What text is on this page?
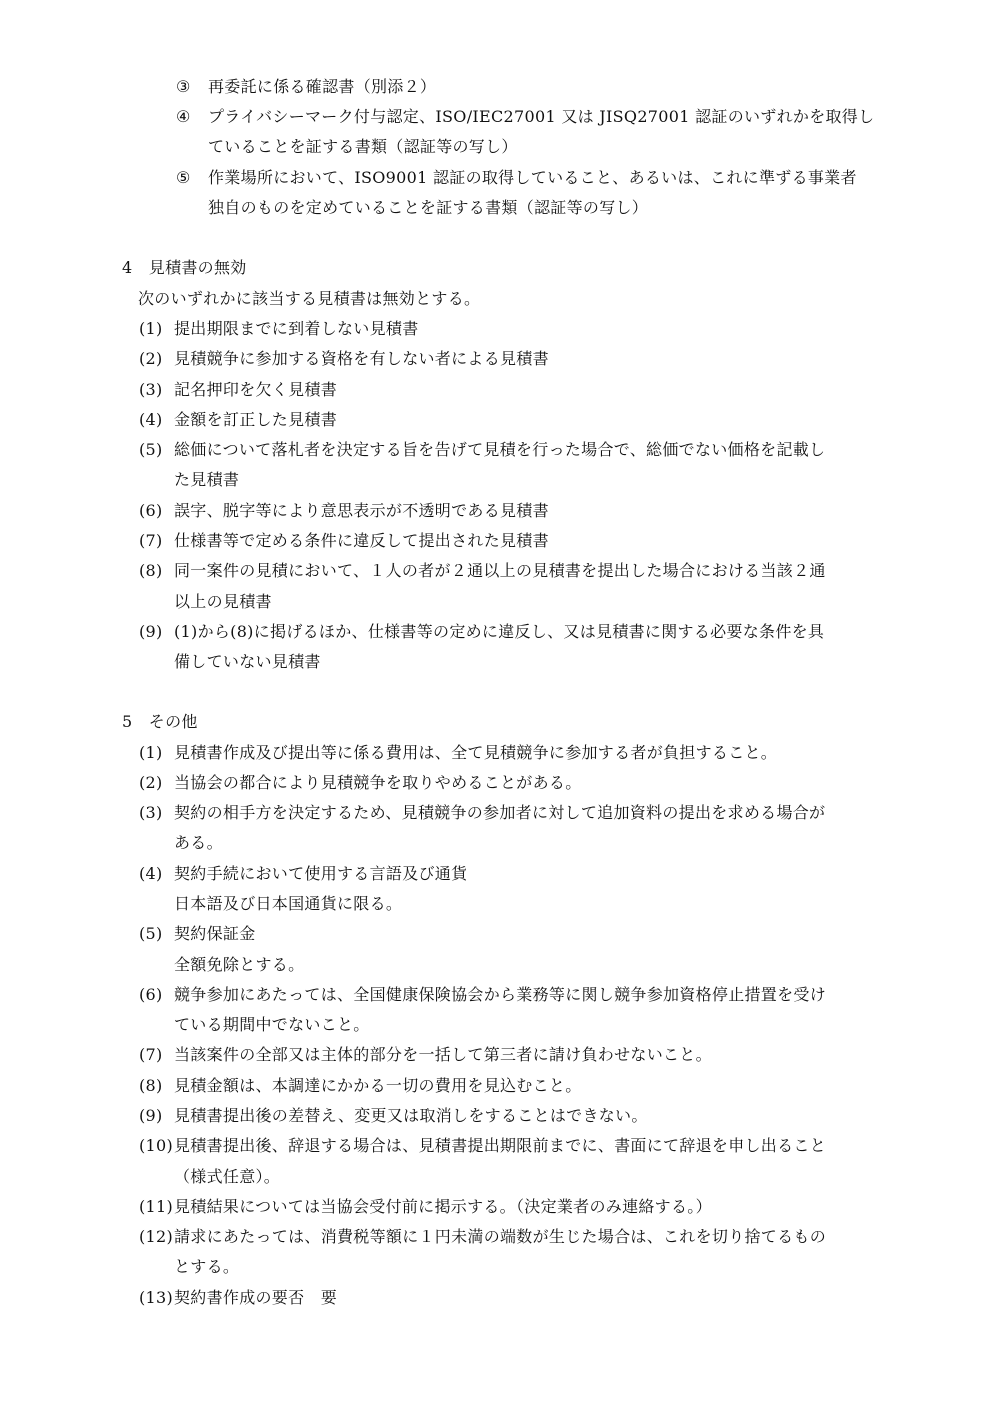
③ 再委託に係る確認書（別添２）
④ プライバシーマーク付与認定、ISO/IEC27001 又は JISQ27001 認証のいずれかを取得し
ていることを証する書類（認証等の写し）
⑤ 作業場所において、ISO9001 認証の取得していること、あるいは、これに準ずる事業者
独自のものを定めていることを証する書類（認証等の写し）
4　見積書の無効
次のいずれかに該当する見積書は無効とする。
(1) 提出期限までに到着しない見積書
(2) 見積競争に参加する資格を有しない者による見積書
(3) 記名押印を欠く見積書
(4) 金額を訂正した見積書
(5) 総価について落札者を決定する旨を告げて見積を行った場合で、総価でない価格を記載し
た見積書
(6) 誤字、脱字等により意思表示が不透明である見積書
(7) 仕様書等で定める条件に違反して提出された見積書
(8) 同一案件の見積において、１人の者が２通以上の見積書を提出した場合における当該２通
以上の見積書
(9) (1)から(8)に掲げるほか、仕様書等の定めに違反し、又は見積書に関する必要な条件を具
備していない見積書
5　その他
(1) 見積書作成及び提出等に係る費用は、全て見積競争に参加する者が負担すること。
(2) 当協会の都合により見積競争を取りやめることがある。
(3) 契約の相手方を決定するため、見積競争の参加者に対して追加資料の提出を求める場合が
ある。
(4) 契約手続において使用する言語及び通貨
日本語及び日本国通貨に限る。
(5) 契約保証金
全額免除とする。
(6) 競争参加にあたっては、全国健康保険協会から業務等に関し競争参加資格停止措置を受け
ている期間中でないこと。
(7) 当該案件の全部又は主体的部分を一括して第三者に請け負わせないこと。
(8) 見積金額は、本調達にかかる一切の費用を見込むこと。
(9) 見積書提出後の差替え、変更又は取消しをすることはできない。
(10) 見積書提出後、辞退する場合は、見積書提出期限前までに、書面にて辞退を申し出ること
（様式任意）。
(11) 見積結果については当協会受付前に掲示する。（決定業者のみ連絡する。）
(12) 請求にあたっては、消費税等額に１円未満の端数が生じた場合は、これを切り捨てるもの
とする。
(13) 契約書作成の要否　要
